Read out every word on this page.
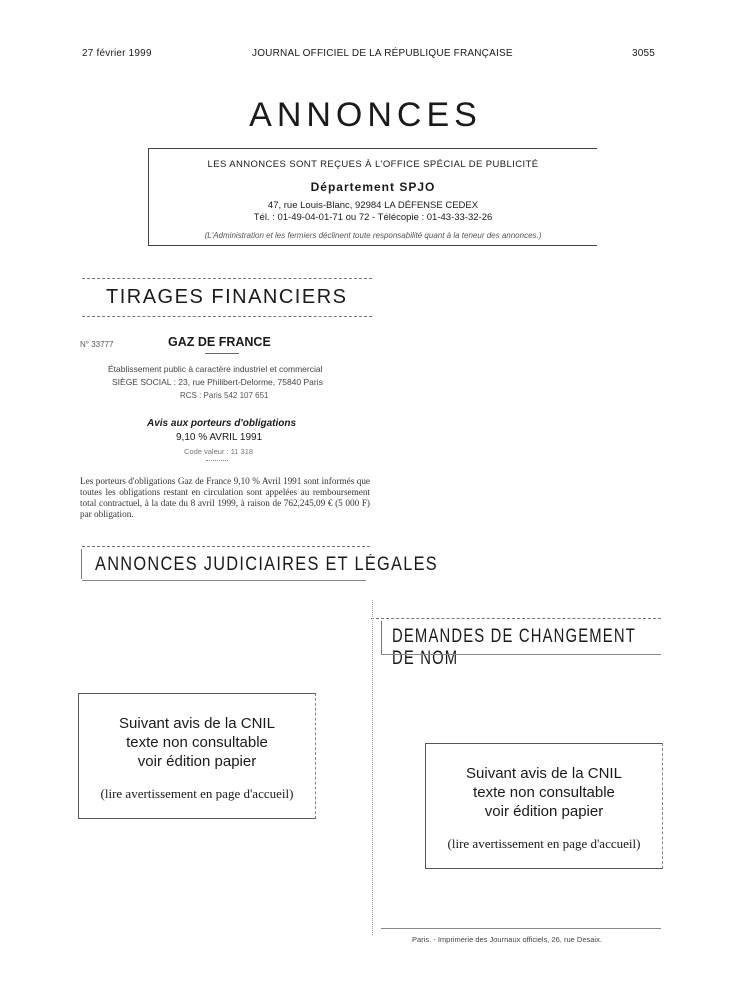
27 février 1999	JOURNAL OFFICIEL DE LA RÉPUBLIQUE FRANÇAISE	3055
ANNONCES
LES ANNONCES SONT REÇUES À L'OFFICE SPÉCIAL DE PUBLICITÉ
Département SPJO
47, rue Louis-Blanc, 92984 LA DÉFENSE CEDEX
Tél. : 01-49-04-01-71 ou 72 - Télécopie : 01-43-33-32-26
(L'Administration et les fermiers déclinent toute responsabilité quant à la teneur des annonces.)
TIRAGES FINANCIERS
N° 33777	GAZ DE FRANCE
Établissement public à caractère industriel et commercial
SIÈGE SOCIAL : 23, rue Philibert-Delorme, 75840 Paris
RCS : Paris 542 107 651
Avis aux porteurs d'obligations
9,10 % AVRIL 1991
Code valeur : 11 318
Les porteurs d'obligations Gaz de France 9,10 % Avril 1991 sont informés que toutes les obligations restant en circulation sont appelées au remboursement total contractuel, à la date du 8 avril 1999, à raison de 762,245,09 € (5 000 F) par obligation.
ANNONCES JUDICIAIRES ET LÉGALES
DEMANDES DE CHANGEMENT DE NOM
Suivant avis de la CNIL
texte non consultable
voir édition papier
(lire avertissement en page d'accueil)
Suivant avis de la CNIL
texte non consultable
voir édition papier
(lire avertissement en page d'accueil)
Paris. - Imprimerie des Journaux officiels, 26, rue Desaix.
